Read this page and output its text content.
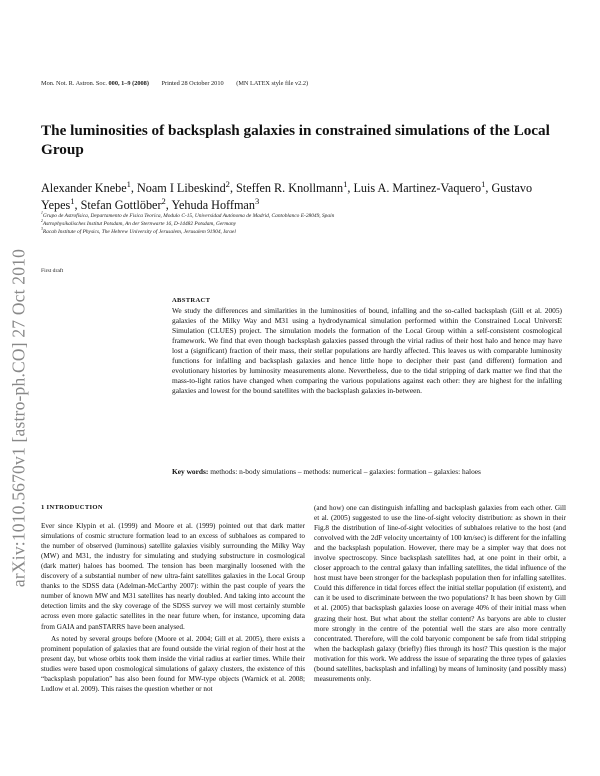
Mon. Not. R. Astron. Soc. 000, 1–9 (2008) Printed 28 October 2010 (MN LATEX style file v2.2)
The luminosities of backsplash galaxies in constrained simulations of the Local Group
Alexander Knebe$^1$, Noam I Libeskind$^2$, Steffen R. Knollmann$^1$, Luis A. Martinez-Vaquero$^1$, Gustavo Yepes$^1$, Stefan Gottlöber$^2$, Yehuda Hoffman$^3$
$^1$Grupo de Astrofísica, Departamento de Fisica Teorica, Modulo C-15, Universidad Autónoma de Madrid, Cantoblanco E-28049, Spain
$^2$Astrophysikalisches Institut Potsdam, An der Sternwarte 16, D-14482 Potsdam, Germany
$^3$Racah Institute of Physics, The Hebrew University of Jerusalem, Jerusalem 91904, Israel
First draft
arXiv:1010.5670v1 [astro-ph.CO] 27 Oct 2010	ABSTRACT
We study the differences and similarities in the luminosities of bound, infalling and the so-called backsplash (Gill et al. 2005) galaxies of the Milky Way and M31 using a hydrodynamical simulation performed within the Constrained Local UniversE Simulation (CLUES) project. The simulation models the formation of the Local Group within a self-consistent cosmological framework. We find that even though backsplash galaxies passed through the virial radius of their host halo and hence may have lost a (significant) fraction of their mass, their stellar populations are hardly affected. This leaves us with comparable luminosity functions for infalling and backsplash galaxies and hence little hope to decipher their past (and different) formation and evolutionary histories by luminosity measurements alone. Nevertheless, due to the tidal stripping of dark matter we find that the mass-to-light ratios have changed when comparing the various populations against each other: they are highest for the infalling galaxies and lowest for the bound satellites with the backsplash galaxies in-between.
Key words: methods: n-body simulations – methods: numerical – galaxies: formation – galaxies: haloes
1 INTRODUCTION

Ever since Klypin et al. (1999) and Moore et al. (1999) pointed out that dark matter simulations of cosmic structure formation lead to an excess of subhaloes as compared to the number of observed (luminous) satellite galaxies visibly surrounding the Milky Way (MW) and M31, the industry for simulating and studying substructure in cosmological (dark matter) haloes has boomed. The tension has been marginally loosened with the discovery of a substantial number of new ultra-faint satellites galaxies in the Local Group thanks to the SDSS data (Adelman-McCarthy 2007): within the past couple of years the number of known MW and M31 satellites has nearly doubled. And taking into account the detection limits and the sky coverage of the SDSS survey we will most certainly stumble across even more galactic satellites in the near future when, for instance, upcoming data from GAIA and panSTARRS have been analysed.

As noted by several groups before (Moore et al. 2004; Gill et al. 2005), there exists a prominent population of galaxies that are found outside the virial region of their host at the present day, but whose orbits took them inside the virial radius at earlier times. While their studies were based upon cosmological simulations of galaxy clusters, the existence of this “backsplash population” has also been found for MW-type objects (Warnick et al. 2008; Ludlow et al. 2009). This raises the question whether or not

(and how) one can distinguish infalling and backsplash galaxies from each other. Gill et al. (2005) suggested to use the line-of-sight velocity distribution: as shown in their Fig.8 the distribution of line-of-sight velocities of subhaloes relative to the host (and convolved with the 2dF velocity uncertainty of 100 km/sec) is different for the infalling and the backsplash population. However, there may be a simpler way that does not involve spectroscopy. Since backsplash satellites had, at one point in their orbit, a closer approach to the central galaxy than infalling satellites, the tidal influence of the host must have been stronger for the backsplash population then for infalling satellites. Could this difference in tidal forces effect the initial stellar population (if existent), and can it be used to discriminate between the two populations? It has been shown by Gill et al. (2005) that backsplash galaxies loose on average 40% of their initial mass when grazing their host. But what about the stellar content? As baryons are able to cluster more strongly in the centre of the potential well the stars are also more centrally concentrated. Therefore, will the cold baryonic component be safe from tidal stripping when the backsplash galaxy (briefly) flies through its host? This question is the major motivation for this work. We address the issue of separating the three types of galaxies (bound satellites, backsplash and infalling) by means of luminosity (and possibly mass) measurements only.
